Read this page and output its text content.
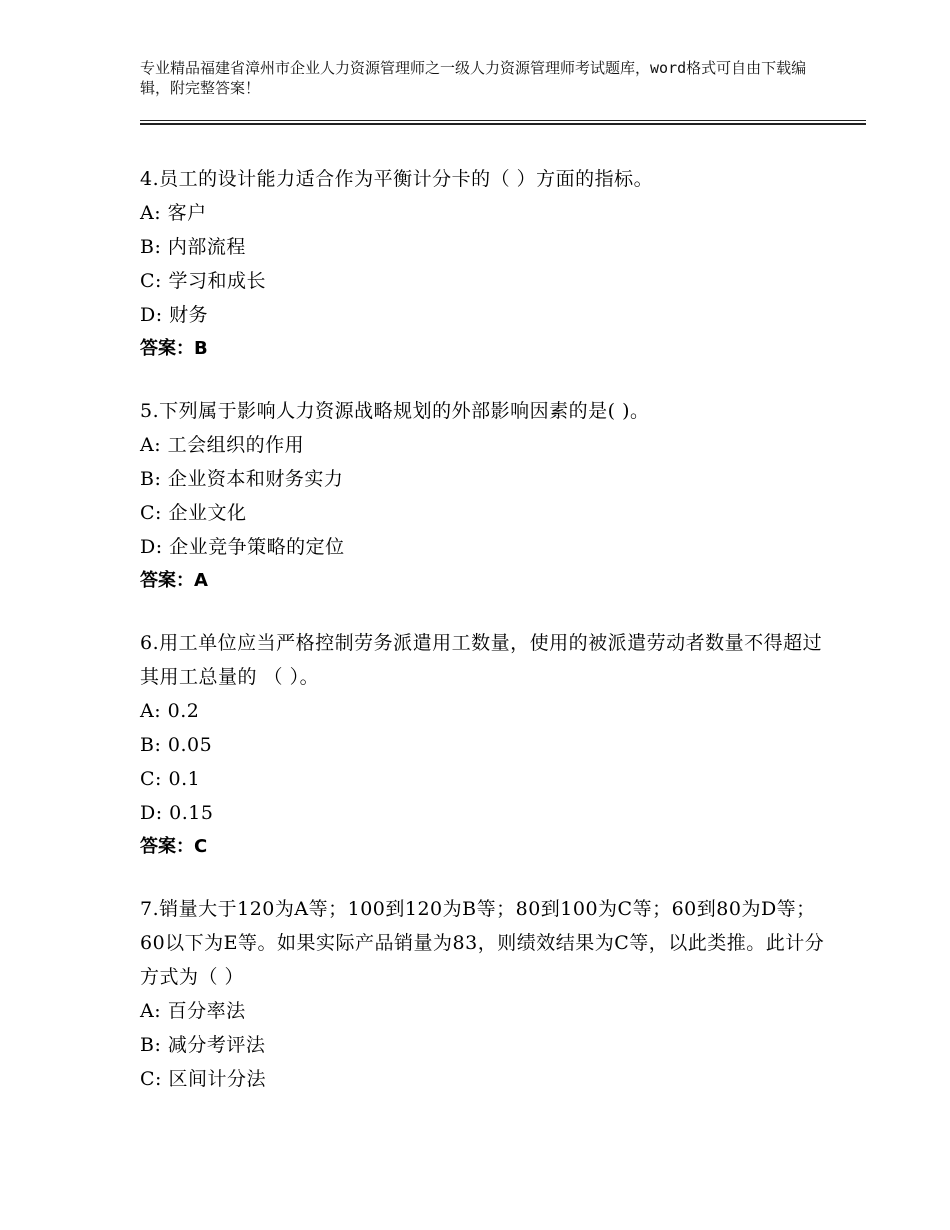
专业精品福建省漳州市企业人力资源管理师之一级人力资源管理师考试题库，word格式可自由下载编辑，附完整答案！
4.员工的设计能力适合作为平衡计分卡的（ ）方面的指标。
A: 客户
B: 内部流程
C: 学习和成长
D: 财务
答案：B
5.下列属于影响人力资源战略规划的外部影响因素的是( )。
A: 工会组织的作用
B: 企业资本和财务实力
C: 企业文化
D: 企业竞争策略的定位
答案：A
6.用工单位应当严格控制劳务派遣用工数量，使用的被派遣劳动者数量不得超过其用工总量的 （ ）。
A: 0.2
B: 0.05
C: 0.1
D: 0.15
答案：C
7.销量大于120为A等；100到120为B等；80到100为C等；60到80为D等；60以下为E等。如果实际产品销量为83，则绩效结果为C等，以此类推。此计分方式为（ ）
A: 百分率法
B: 减分考评法
C: 区间计分法
